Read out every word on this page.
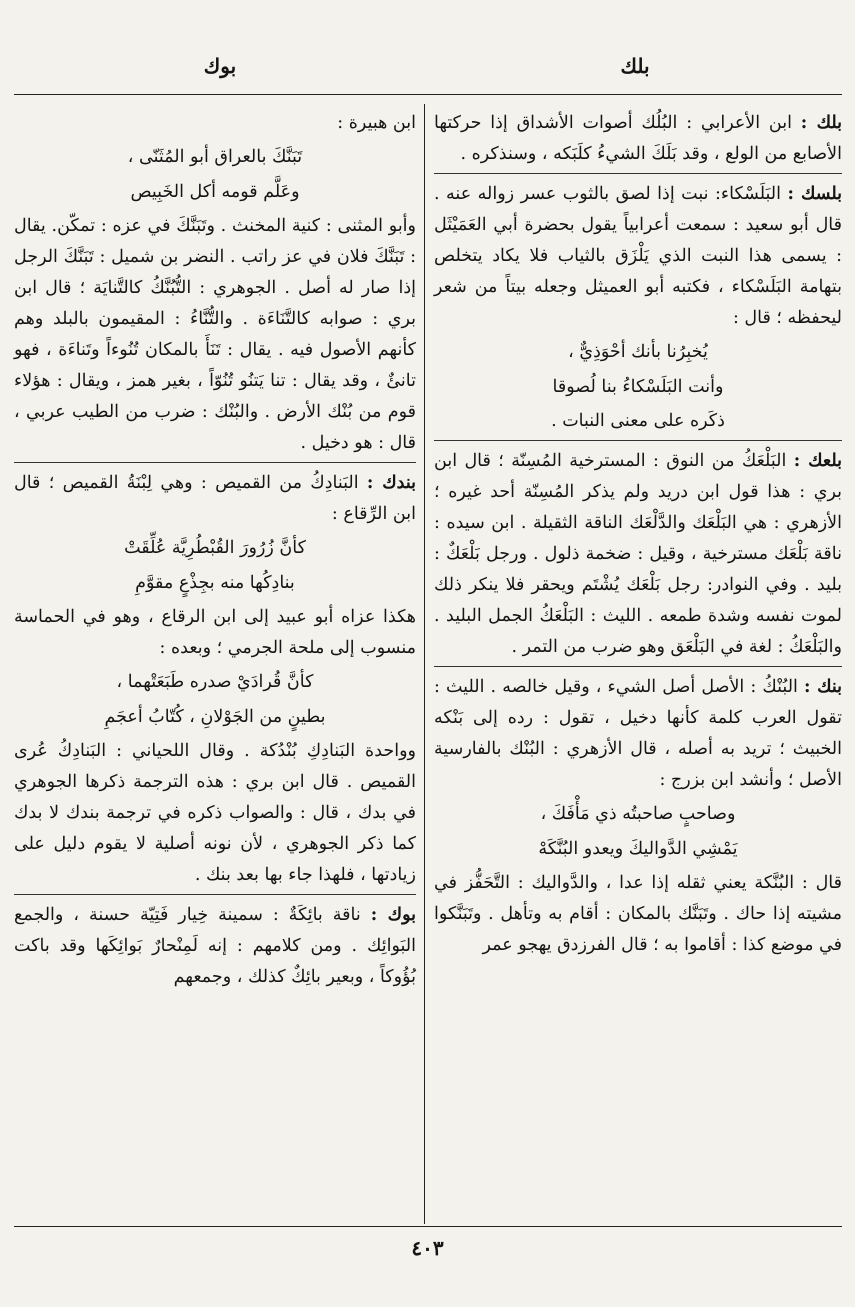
بلك
بوك
بلك : ابن الأعرابي : البُلُك أصوات الأشداق إذا حركتها الأصابع من الولع ، وقد بَلَكَ الشيءُ كلَبَكه ، وسنذكره .
بلسك : البَلَسْكاء: نبت إذا لصق بالثوب عسر زواله عنه . قال أبو سعيد : سمعت أعرابياً يقول بحضرة أبي العَمَيْثَل : يسمى هذا النبت الذي يَلْزَق بالثياب فلا يكاد يتخلص بتهامة البَلَسْكاء ، فكتبه أبو العميثل وجعله بيتاً من شعر ليحفظه ؛ قال :
يُخبِرُنا بأنك أحْوَذِيٌّ ،
وأنت البَلَسْكاءُ بنا لُصوقا
ذكَره على معنى النبات .
بلعك : البَلْعَكُ من النوق : المسترخية المُسِنّة ؛ قال ابن بري : هذا قول ابن دريد ولم يذكر المُسِنّة أحد غيره ؛ الأزهري : هي البَلْعَك والدَّلْعَك الناقة الثقيلة . ابن سيده : ناقة بَلْعَك مسترخية ، وقيل : ضخمة ذلول . ورجل بَلْعَكٌ : بليد . وفي النوادر: رجل بَلْعَك يُشْتَم ويحقر فلا ينكر ذلك لموت نفسه وشدة طمعه . الليث : البَلْعَكُ الجمل البليد . والبَلْعَكُ : لغة في البَلْعَق وهو ضرب من التمر .
بنك : البُنْكُ : الأصل أصل الشيء ، وقيل خالصه . الليث : تقول العرب كلمة كأنها دخيل ، تقول : رده إلى بَنْكه الخبيث ؛ تريد به أصله ، قال الأزهري : البُنْك بالفارسية الأصل ؛ وأنشد ابن بزرج :
وصاحبٍ صاحبتُه ذي مَأْفَكَ ،
يَمْشِي الدَّواليكَ ويعدو البُنَّكَهْ
قال : البُنَّكة يعني ثقله إذا عدا ، والدَّواليك : التَّحَفُّز في مشيته إذا حاك . وتَبَنَّك بالمكان : أقام به وتأهل . وتَبَنَّكوا في موضع كذا : أقاموا به ؛ قال الفرزدق يهجو عمر
ابن هبيرة :
تَبَنَّكَ بالعراق أبو المُثَنّى ،
وعَلَّم قومه أكل الخَبِيص
وأبو المثنى : كنية المخنث . وتَبَنَّكَ في عزه : تمكّن. يقال : تَبَنَّكَ فلان في عز راتب . النضر بن شميل : تَبَنَّكَ الرجل إذا صار له أصل . الجوهري : التُّبُنَّكُ كالتَّنايَة ؛ قال ابن بري : صوابه كالتَّنَاءَة . والتُّنَّاءُ : المقيمون بالبلد وهم كأنهم الأصول فيه . يقال : تَنَأَ بالمكان تُنُوءاً وتَناءَة ، فهو تانئٌ ، وقد يقال : تنا يَتنُو تُنُوّاً ، بغير همز ، ويقال : هؤلاء قوم من بُنْك الأرض . والبُنْك : ضرب من الطيب عربي ، قال : هو دخيل .
بندك : البَنادِكُ من القميص : وهي لِبْنَةُ القميص ؛ قال ابن الرِّقاع :
كأنَّ زُرُورَ القُبْطُرِيَّة عُلِّقَتْ
بنادِكُها منه بجِذْعٍ مقوَّمِ
هكذا عزاه أبو عبيد إلى ابن الرقاع ، وهو في الحماسة منسوب إلى ملحة الجرمي ؛ وبعده :
كأنَّ قُرادَيْ صدره طَبَعَتْهما ،
بطينٍ من الجَوْلانِ ، كُتّابُ أعجَمِ
وواحدة البَنادِكِ بُنْدُكة . وقال اللحياني : البَنادِكُ عُرى القميص . قال ابن بري : هذه الترجمة ذكرها الجوهري في بدك ، قال : والصواب ذكره في ترجمة بندك لا بدك كما ذكر الجوهري ، لأن نونه أصلية لا يقوم دليل على زيادتها ، فلهذا جاء بها بعد بنك .
بوك : ناقة بائِكَةٌ : سمينة خِيار فَتِيّة حسنة ، والجمع البَوائِك . ومن كلامهم : إنه لَمِنْحارٌ بَوائِكَها وقد باكت بُؤُوكاً ، وبعير بائِكٌ كذلك ، وجمعهم
٤٠٣
